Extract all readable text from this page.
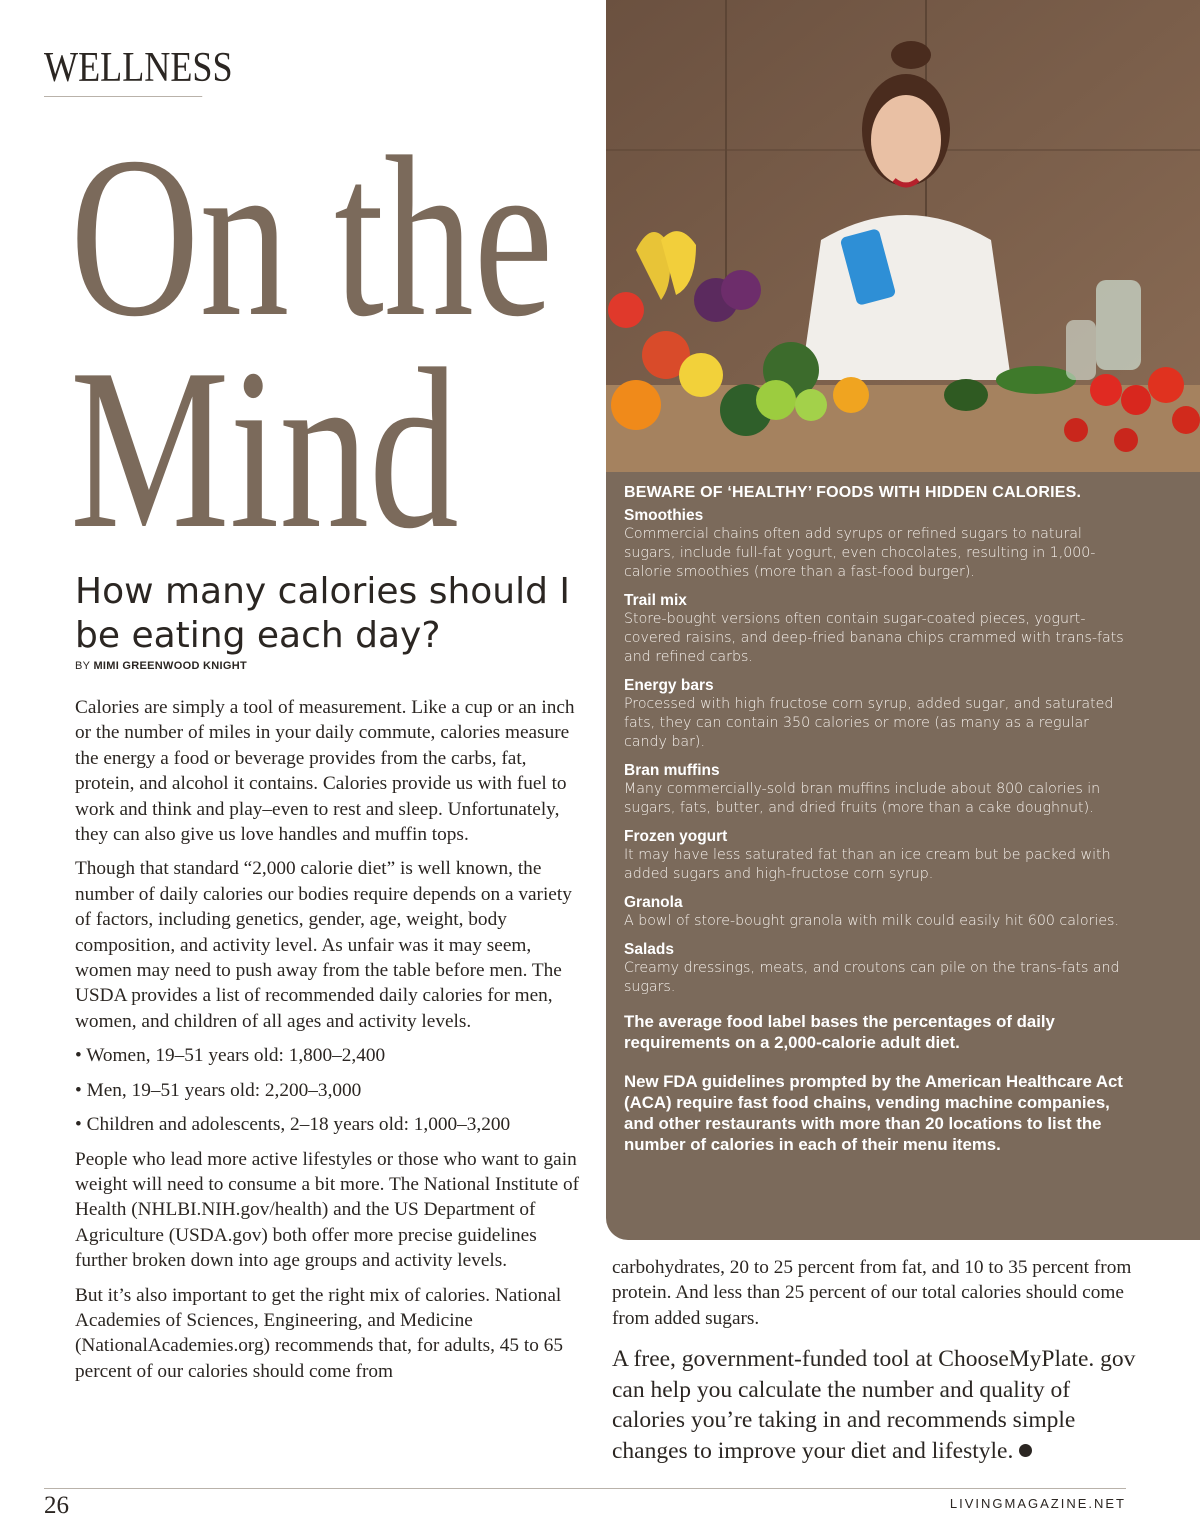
WELLNESS
On the
Mind
How many calories should I be eating each day?
BY MIMI GREENWOOD KNIGHT

Calories are simply a tool of measurement. Like a cup or an inch or the number of miles in your daily commute, calories measure the energy a food or beverage provides from the carbs, fat, protein, and alcohol it contains. Calories provide us with fuel to work and think and play–even to rest and sleep. Unfortunately, they can also give us love handles and muffin tops.

Though that standard “2,000 calorie diet” is well known, the number of daily calories our bodies require depends on a variety of factors, including genetics, gender, age, weight, body composition, and activity level. As unfair was it may seem, women may need to push away from the table before men. The USDA provides a list of recommended daily calories for men, women, and children of all ages and activity levels.

• Women, 19–51 years old: 1,800–2,400
• Men, 19–51 years old: 2,200–3,000
• Children and adolescents, 2–18 years old: 1,000–3,200

People who lead more active lifestyles or those who want to gain weight will need to consume a bit more. The National Institute of Health (NHLBI.NIH.gov/health) and the US Department of Agriculture (USDA.gov) both offer more precise guidelines further broken down into age groups and activity levels.

But it’s also important to get the right mix of calories. National Academies of Sciences, Engineering, and Medicine (NationalAcademies.org) recommends that, for adults, 45 to 65 percent of our calories should come from

BEWARE OF ‘HEALTHY’ FOODS WITH HIDDEN CALORIES.
Smoothies
Commercial chains often add syrups or refined sugars to natural sugars, include full-fat yogurt, even chocolates, resulting in 1,000-calorie smoothies (more than a fast-food burger).
Trail mix
Store-bought versions often contain sugar-coated pieces, yogurt-covered raisins, and deep-fried banana chips crammed with trans-fats and refined carbs.
Energy bars
Processed with high fructose corn syrup, added sugar, and saturated fats, they can contain 350 calories or more (as many as a regular candy bar).
Bran muffins
Many commercially-sold bran muffins include about 800 calories in sugars, fats, butter, and dried fruits (more than a cake doughnut).
Frozen yogurt
It may have less saturated fat than an ice cream but be packed with added sugars and high-fructose corn syrup.
Granola
A bowl of store-bought granola with milk could easily hit 600 calories.
Salads
Creamy dressings, meats, and croutons can pile on the trans-fats and sugars.
The average food label bases the percentages of daily requirements on a 2,000-calorie adult diet.
New FDA guidelines prompted by the American Healthcare Act (ACA) require fast food chains, vending machine companies, and other restaurants with more than 20 locations to list the number of calories in each of their menu items.

carbohydrates, 20 to 25 percent from fat, and 10 to 35 percent from protein. And less than 25 percent of our total calories should come from added sugars.

A free, government-funded tool at ChooseMyPlate. gov can help you calculate the number and quality of calories you’re taking in and recommends simple changes to improve your diet and lifestyle.
26	LIVINGMAGAZINE.NET
